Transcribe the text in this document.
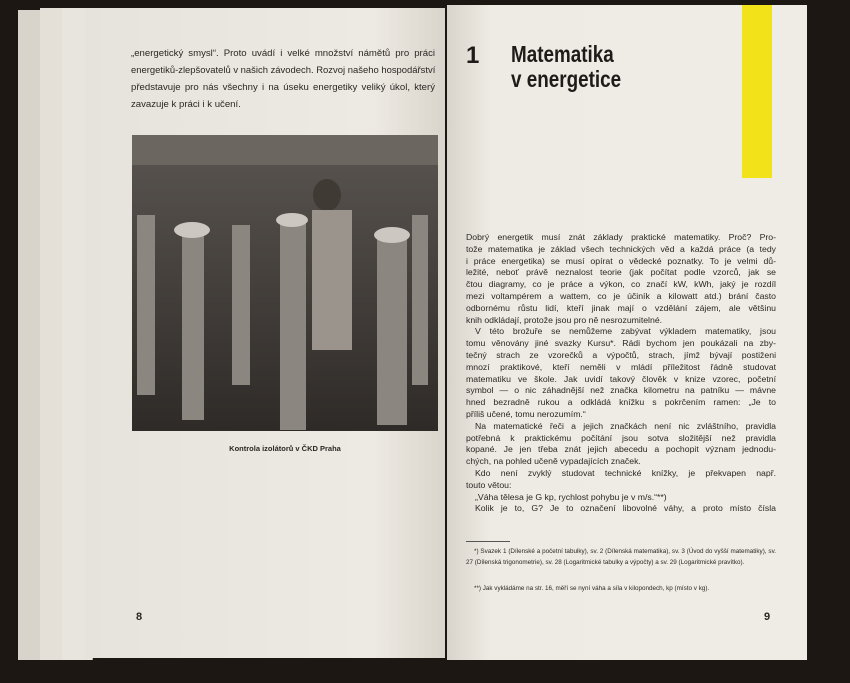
„energetický smysl“. Proto uvádí i velké množství námětů pro práci
energetiků-zlepšovatelů v našich závodech. Rozvoj našeho hospodářství
představuje pro nás všechny i na úseku energetiky veliký úkol, který
zavazuje k práci i k učení.
Kontrola izolátorů v ČKD Praha
8
1 Matematika
v energetice
Dobrý energetik musí znát základy praktické matematiky. Proč? Pro-
tože matematika je základ všech technických věd a každá práce (a tedy
i práce energetika) se musí opírat o vědecké poznatky. To je velmi dů-
ležité, neboť právě neznalost teorie (jak počítat podle vzorců, jak se
čtou diagramy, co je práce a výkon, co značí kW, kWh, jaký je rozdíl
mezi voltampérem a wattem, co je účiník a kilowatt atd.) brání často
odbornému růstu lidí, kteří jinak mají o vzdělání zájem, ale většinu
knih odkládají, protože jsou pro ně nesrozumitelné.
V této brožuře se nemůžeme zabývat výkladem matematiky, jsou
tomu věnovány jiné svazky Kursu*. Rádi bychom jen poukázali na zby-
tečný strach ze vzorečků a výpočtů, strach, jímž bývají postiženi
mnozí praktikové, kteří neměli v mládí příležitost řádně studovat
matematiku ve škole. Jak uvidí takový člověk v knize vzorec, početní
symbol — o nic záhadnější než značka kilometru na patníku — mávne
hned bezradně rukou a odkládá knížku s pokrčením ramen: „Je to
příliš učené, tomu nerozumím.“
Na matematické řeči a jejich značkách není nic zvláštního, pravidla
potřebná k praktickému počítání jsou sotva složitější než pravidla
kopané. Je jen třeba znát jejich abecedu a pochopit význam jednodu-
chých, na pohled učeně vypadajících značek.
Kdo není zvyklý studovat technické knížky, je překvapen např.
touto větou:
„Váha tělesa je G kp, rychlost pohybu je v m/s.“**)
Kolik je to, G? Je to označení libovolné váhy, a proto místo čísla
*) Svazek 1 (Dílenské a početní tabulky), sv. 2 (Dílenská matematika), sv. 3 (Úvod do vyšší matematiky), sv. 27 (Dílenská trigonometrie), sv. 28 (Logaritmické tabulky a výpočty) a sv. 29 (Logaritmické pravítko).
**) Jak vykládáme na str. 16, měří se nyní váha a síla v kilopondech, kp (místo v kg).
9
